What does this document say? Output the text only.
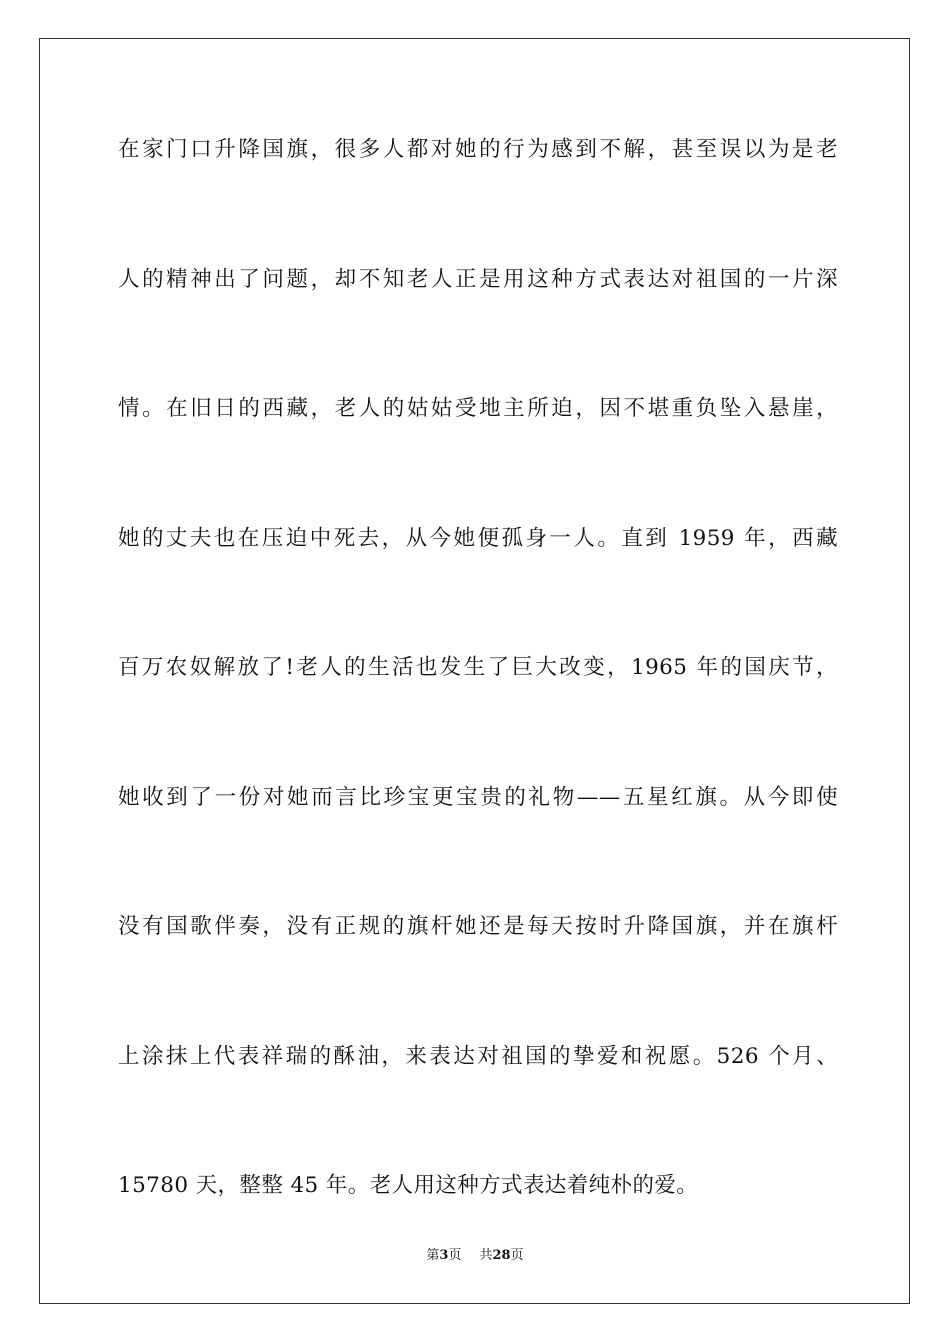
在家门口升降国旗，很多人都对她的行为感到不解，甚至误以为是老
人的精神出了问题，却不知老人正是用这种方式表达对祖国的一片深
情。在旧日的西藏，老人的姑姑受地主所迫，因不堪重负坠入悬崖，
她的丈夫也在压迫中死去，从今她便孤身一人。直到 1959 年，西藏
百万农奴解放了!老人的生活也发生了巨大改变，1965 年的国庆节，
她收到了一份对她而言比珍宝更宝贵的礼物——五星红旗。从今即使
没有国歌伴奏，没有正规的旗杆她还是每天按时升降国旗，并在旗杆
上涂抹上代表祥瑞的酥油，来表达对祖国的挚爱和祝愿。526 个月、
15780 天，整整 45 年。老人用这种方式表达着纯朴的爱。
第3页 共28页
